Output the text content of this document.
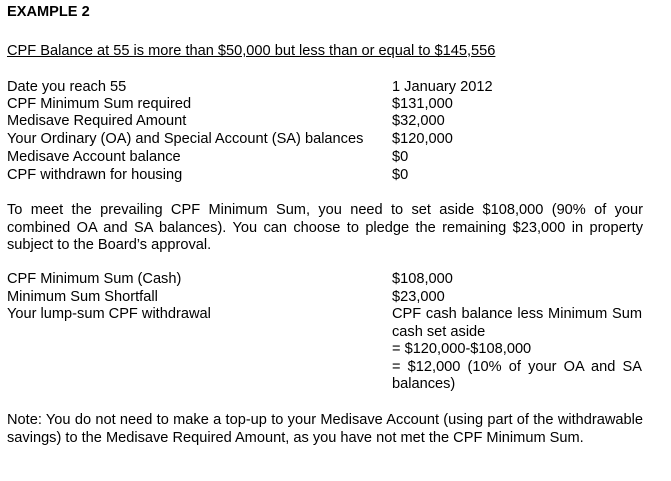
EXAMPLE 2
CPF Balance at 55 is more than $50,000 but less than or equal to $145,556
Date you reach 55	1 January 2012
CPF Minimum Sum required	$131,000
Medisave Required Amount	$32,000
Your Ordinary (OA) and Special Account (SA) balances $120,000
Medisave Account balance	$0
CPF withdrawn for housing	$0
To meet the prevailing CPF Minimum Sum, you need to set aside $108,000 (90% of your combined OA and SA balances). You can choose to pledge the remaining $23,000 in property subject to the Board’s approval.
CPF Minimum Sum (Cash)	$108,000
Minimum Sum Shortfall	$23,000
Your lump-sum CPF withdrawal	CPF cash balance less Minimum Sum cash set aside
= $120,000-$108,000
= $12,000 (10% of your OA and SA balances)
Note: You do not need to make a top-up to your Medisave Account (using part of the withdrawable savings) to the Medisave Required Amount, as you have not met the CPF Minimum Sum.
